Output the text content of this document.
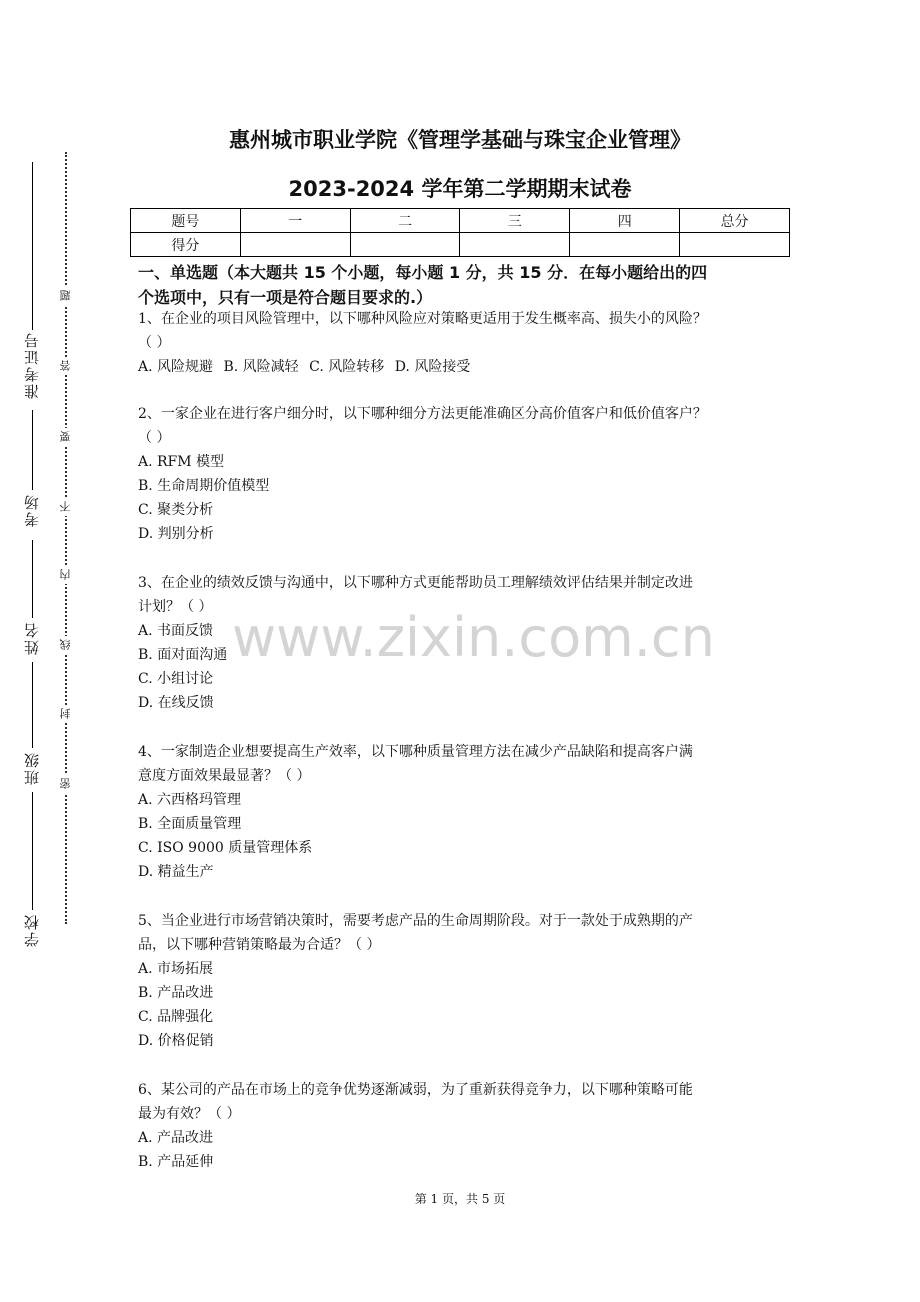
准考证号
考场
姓名
班级
学校
题
答
要
不
内
线
封
密
惠州城市职业学院《管理学基础与珠宝企业管理》
2023-2024 学年第二学期期末试卷
题号	一	二	三	四	总分
得分					
一、单选题（本大题共 15 个小题，每小题 1 分，共 15 分．在每小题给出的四
个选项中，只有一项是符合题目要求的.）
1、在企业的项目风险管理中，以下哪种风险应对策略更适用于发生概率高、损失小的风险？
（ ）
A. 风险规避 B. 风险减轻 C. 风险转移 D. 风险接受
2、一家企业在进行客户细分时，以下哪种细分方法更能准确区分高价值客户和低价值客户？
（ ）
A. RFM 模型
B. 生命周期价值模型
C. 聚类分析
D. 判别分析
3、在企业的绩效反馈与沟通中，以下哪种方式更能帮助员工理解绩效评估结果并制定改进
计划？（ ）
A. 书面反馈
B. 面对面沟通
C. 小组讨论
D. 在线反馈
4、一家制造企业想要提高生产效率，以下哪种质量管理方法在减少产品缺陷和提高客户满
意度方面效果最显著？（ ）
A. 六西格玛管理
B. 全面质量管理
C. ISO 9000 质量管理体系
D. 精益生产
5、当企业进行市场营销决策时，需要考虑产品的生命周期阶段。对于一款处于成熟期的产
品，以下哪种营销策略最为合适？（ ）
A. 市场拓展
B. 产品改进
C. 品牌强化
D. 价格促销
6、某公司的产品在市场上的竞争优势逐渐减弱，为了重新获得竞争力，以下哪种策略可能
最为有效？（ ）
A. 产品改进
B. 产品延伸
www.zixin.com.cn
第 1 页，共 5 页
